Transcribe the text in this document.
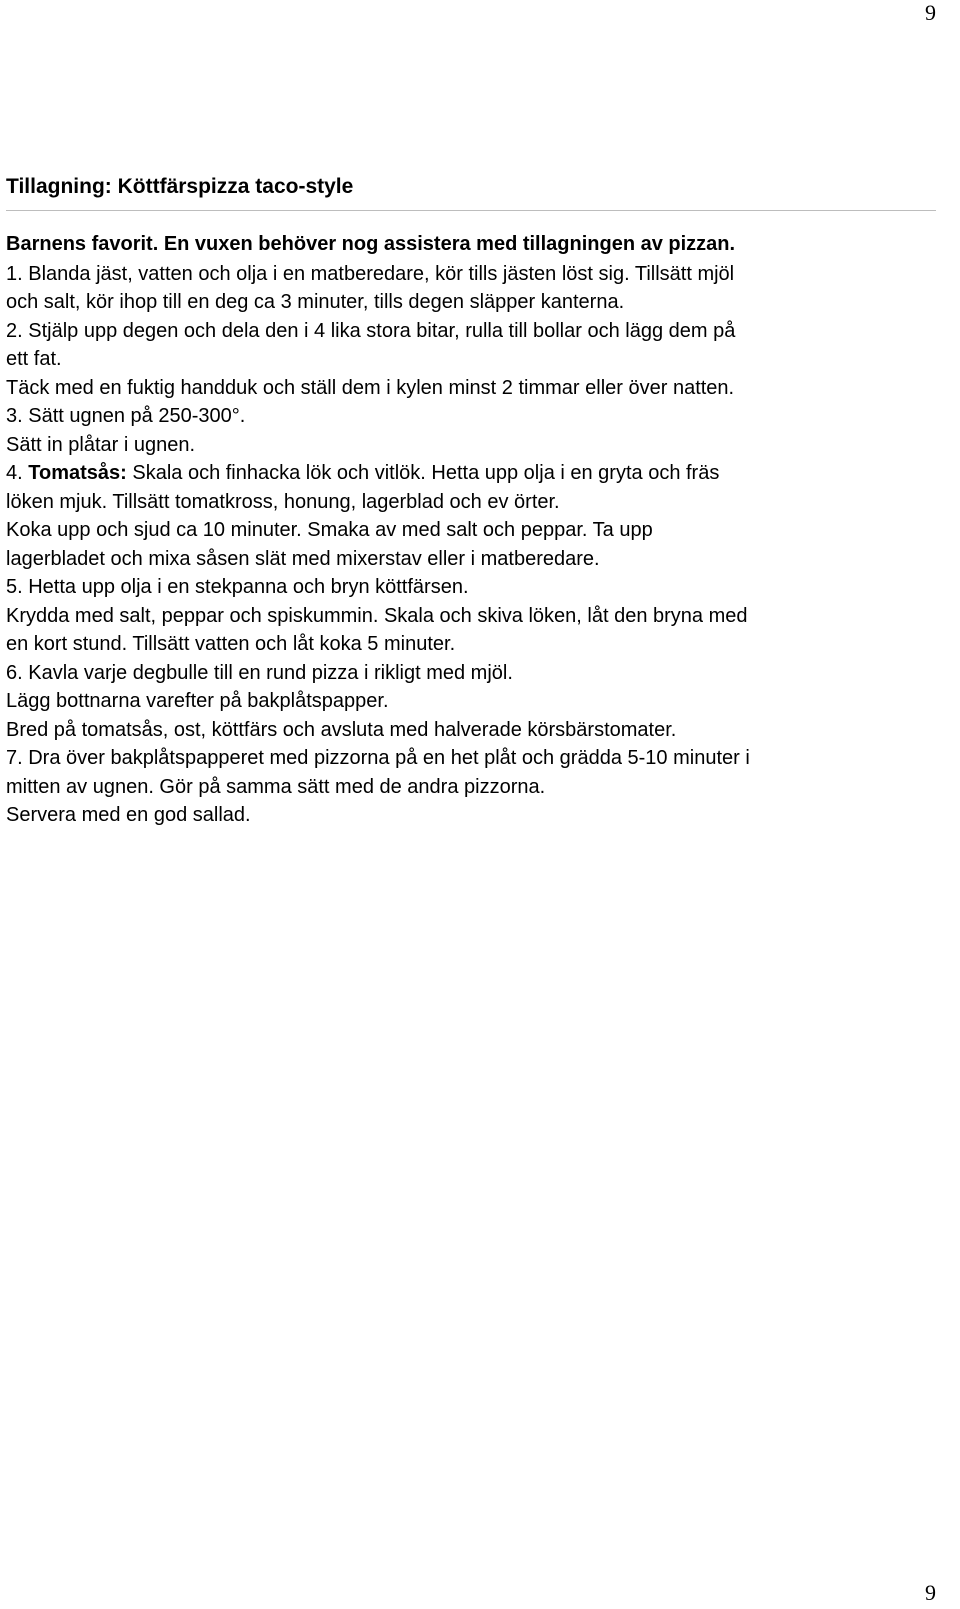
9
Tillagning: Köttfärspizza taco-style

Barnens favorit. En vuxen behöver nog assistera med tillagningen av pizzan.

1. Blanda jäst, vatten och olja i en matberedare, kör tills jästen löst sig. Tillsätt mjöl
och salt, kör ihop till en deg ca 3 minuter, tills degen släpper kanterna.
2. Stjälp upp degen och dela den i 4 lika stora bitar, rulla till bollar och lägg dem på
ett fat.
Täck med en fuktig handduk och ställ dem i kylen minst 2 timmar eller över natten.
3. Sätt ugnen på 250-300°.
Sätt in plåtar i ugnen.
4. Tomatsås: Skala och finhacka lök och vitlök. Hetta upp olja i en gryta och fräs
löken mjuk. Tillsätt tomatkross, honung, lagerblad och ev örter.
Koka upp och sjud ca 10 minuter. Smaka av med salt och peppar. Ta upp
lagerbladet och mixa såsen slät med mixerstav eller i matberedare.
5. Hetta upp olja i en stekpanna och bryn köttfärsen.
Krydda med salt, peppar och spiskummin. Skala och skiva löken, låt den bryna med
en kort stund. Tillsätt vatten och låt koka 5 minuter.
6. Kavla varje degbulle till en rund pizza i rikligt med mjöl.
Lägg bottnarna varefter på bakplåtspapper.
Bred på tomatsås, ost, köttfärs och avsluta med halverade körsbärstomater.
7. Dra över bakplåtspapperet med pizzorna på en het plåt och grädda 5-10 minuter i
mitten av ugnen. Gör på samma sätt med de andra pizzorna.
Servera med en god sallad.
9
